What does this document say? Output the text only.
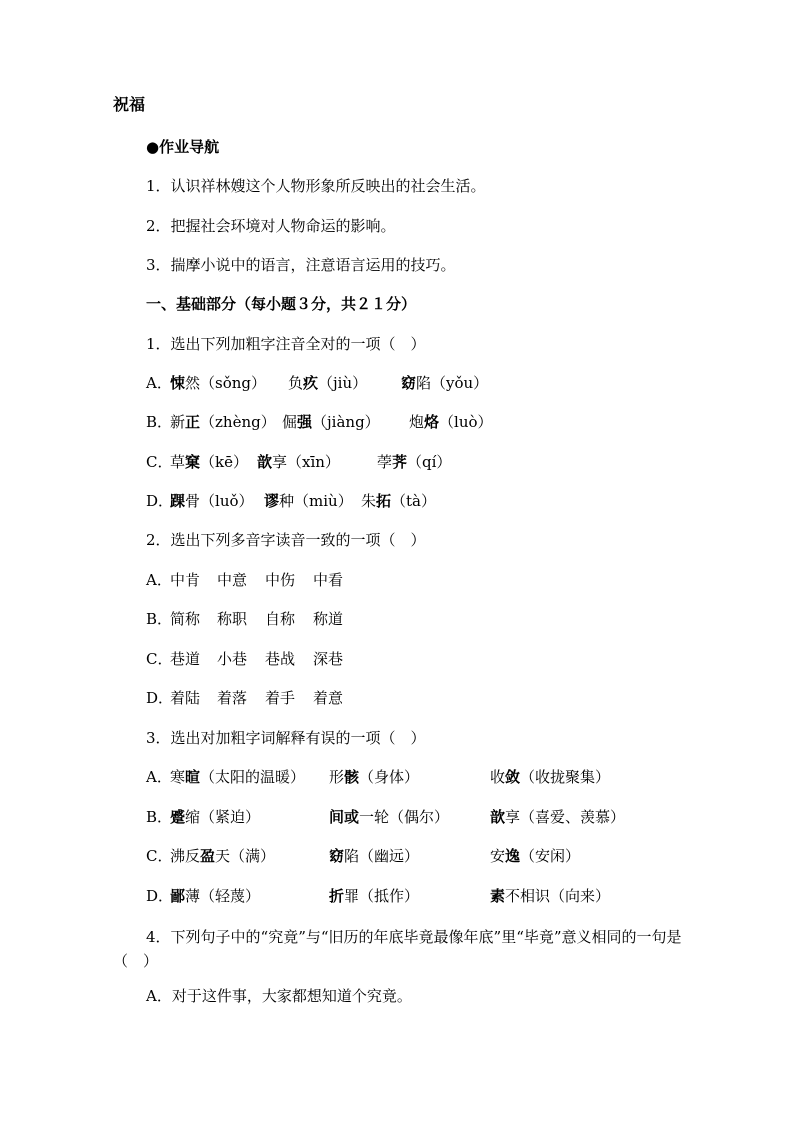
祝福
●作业导航
1．认识祥林嫂这个人物形象所反映出的社会生活。
2．把握社会环境对人物命运的影响。
3．揣摩小说中的语言，注意语言运用的技巧。
一、基础部分（每小题３分，共２１分）
1．选出下列加粗字注音全对的一项（　）
A．
悚然（sǒng） 负疚（jiù） 窈陷（yǒu）
B．
新正（zhèng） 倔强（jiàng） 炮烙（luò）
C．
草窠（kē） 歆享（xīn） 荸荠（qí）
D．
踝骨（luǒ） 谬种（miù） 朱拓（tà）
2．选出下列多音字读音一致的一项（　）
A．
中肯 中意 中伤 中看
B．
简称 称职 自称 称道
C．
巷道 小巷 巷战 深巷
D．
着陆 着落 着手 着意
3．选出对加粗字词解释有误的一项（　）
A．
寒暄（太阳的温暖） 形骸（身体）	收敛（收拢聚集）
B．
蹙缩（紧迫）	间或一轮（偶尔）	歆享（喜爱、羡慕）
C．
沸反盈天（满）	窈陷（幽远）	安逸（安闲）
D．
鄙薄（轻蔑）	折罪（抵作）	素不相识（向来）
4．下列句子中的“究竟”与“旧历的年底毕竟最像年底”里“毕竟”意义相同的一句是（　）
A．对于这件事，大家都想知道个究竟。
